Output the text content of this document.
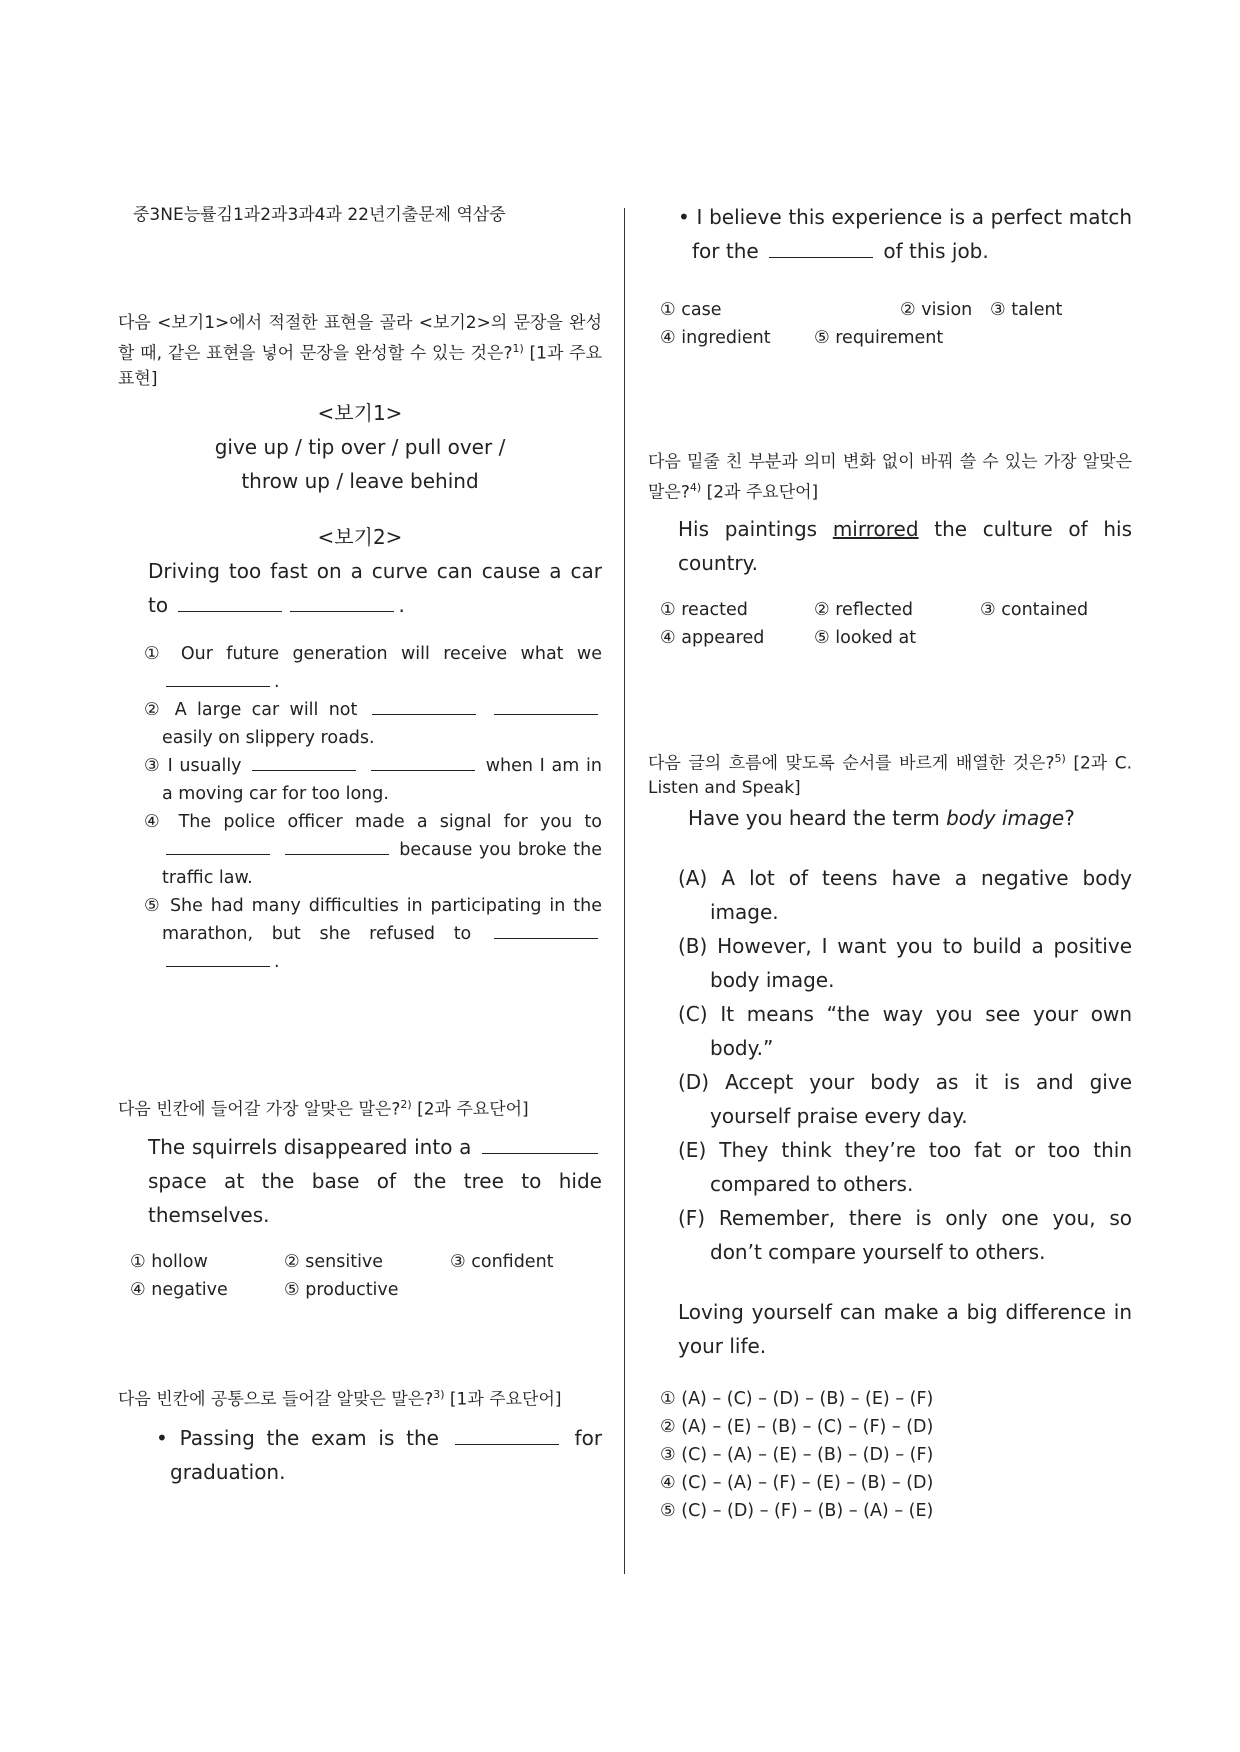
중3NE능률김1과2과3과4과 22년기출문제 역삼중
다음 <보기1>에서 적절한 표현을 골라 <보기2>의 문장을 완성할 때, 같은 표현을 넣어 문장을 완성할 수 있는 것은?$^{1)}$ [1과 주요표현]
<보기1>
give up / tip over / pull over /
throw up / leave behind
<보기2>
Driving too fast on a curve can cause a car to	.
① Our future generation will receive what we .
② A large car will not   easily on slippery roads.
③ I usually	when I am in a moving car for too long.
④ The police officer made a signal for you to   because you broke the traffic law.
⑤ She had many difficulties in participating in the marathon, but she refused to  .
다음 빈칸에 들어갈 가장 알맞은 말은?$^{2)}$ [2과 주요단어]
The squirrels disappeared into a  space at the base of the tree to hide themselves.
① hollow	② sensitive	③ confident
④ negative	⑤ productive
다음 빈칸에 공통으로 들어갈 알맞은 말은?$^{3)}$ [1과 주요단어]
• Passing the exam is the	for graduation.
• I believe this experience is a perfect match for the	of this job.
① case	② vision	③ talent
④ ingredient	⑤ requirement
다음 밑줄 친 부분과 의미 변화 없이 바꿔 쓸 수 있는 가장 알맞은 말은?$^{4)}$ [2과 주요단어]
His paintings mirrored the culture of his country.
① reacted	② reflected	③ contained
④ appeared	⑤ looked at
다음 글의 흐름에 맞도록 순서를 바르게 배열한 것은?$^{5)}$ [2과 C. Listen and Speak]
Have you heard the term body image?
(A) A lot of teens have a negative body image.
(B) However, I want you to build a positive body image.
(C) It means “the way you see your own body.”
(D) Accept your body as it is and give yourself praise every day.
(E) They think they’re too fat or too thin compared to others.
(F) Remember, there is only one you, so don’t compare yourself to others.
Loving yourself can make a big difference in your life.
① (A) – (C) – (D) – (B) – (E) – (F)
② (A) – (E) – (B) – (C) – (F) – (D)
③ (C) – (A) – (E) – (B) – (D) – (F)
④ (C) – (A) – (F) – (E) – (B) – (D)
⑤ (C) – (D) – (F) – (B) – (A) – (E)
